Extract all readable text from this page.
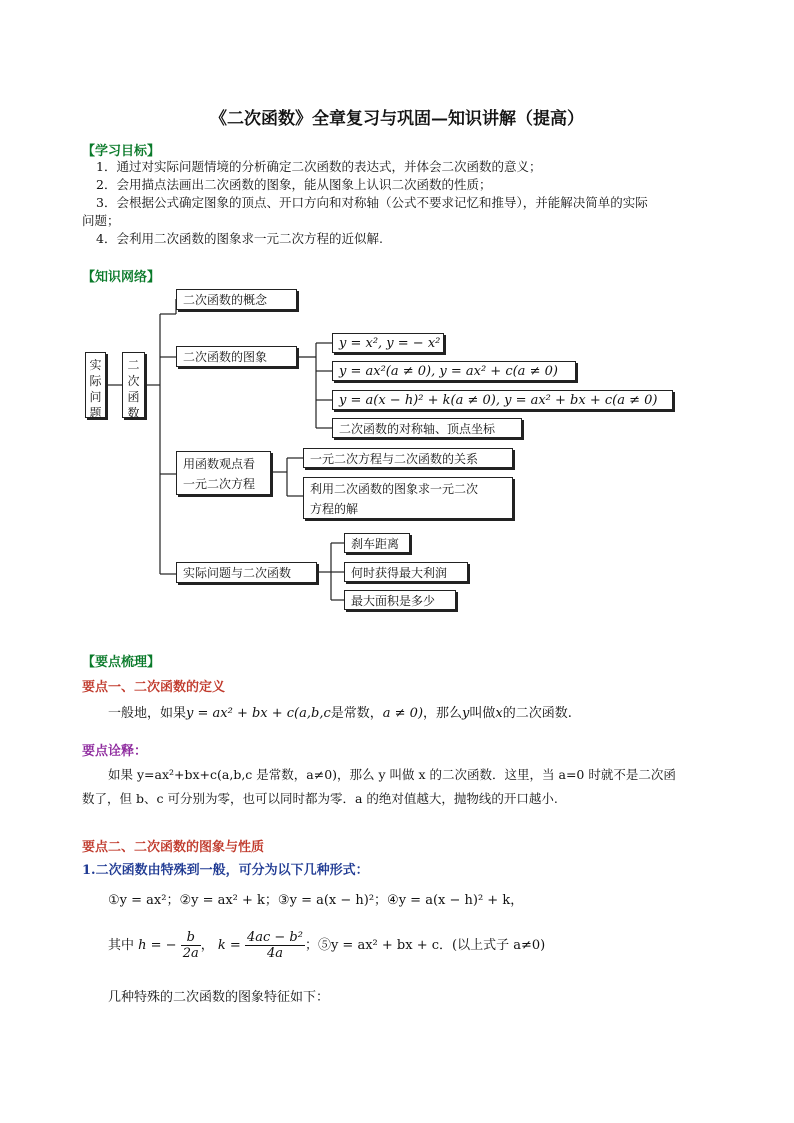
《二次函数》全章复习与巩固—知识讲解（提高）
【学习目标】
1．通过对实际问题情境的分析确定二次函数的表达式，并体会二次函数的意义；
2．会用描点法画出二次函数的图象，能从图象上认识二次函数的性质；
3．会根据公式确定图象的顶点、开口方向和对称轴（公式不要求记忆和推导），并能解决简单的实际
问题；
4．会利用二次函数的图象求一元二次方程的近似解.
【知识网络】
实际问题
二次函数
二次函数的概念
二次函数的图象
y = x², y = − x²
y = ax²(a ≠ 0), y = ax² + c(a ≠ 0)
y = a(x − h)² + k(a ≠ 0), y = ax² + bx + c(a ≠ 0)
二次函数的对称轴、顶点坐标
用函数观点看
一元二次方程
一元二次方程与二次函数的关系
利用二次函数的图象求一元二次
方程的解
实际问题与二次函数
刹车距离
何时获得最大利润
最大面积是多少
【要点梳理】
要点一、二次函数的定义
一般地，如果y = ax² + bx + c(a,b,c是常数，a ≠ 0)，那么y叫做x的二次函数.
要点诠释：
如果 y=ax²+bx+c(a,b,c 是常数，a≠0)，那么 y 叫做 x 的二次函数．这里，当 a=0 时就不是二次函
数了，但 b、c 可分别为零，也可以同时都为零．a 的绝对值越大，抛物线的开口越小.
要点二、二次函数的图象与性质
1.二次函数由特殊到一般，可分为以下几种形式：
①y = ax²；②y = ax² + k；③y = a(x − h)²；④y = a(x − h)² + k，
其中 h = − $\frac{b}{2a}$ ， $k = \frac{\text{4ac − b²}}{4a}$ ；⑤y = ax² + bx + c．(以上式子 a≠0)
几种特殊的二次函数的图象特征如下：
